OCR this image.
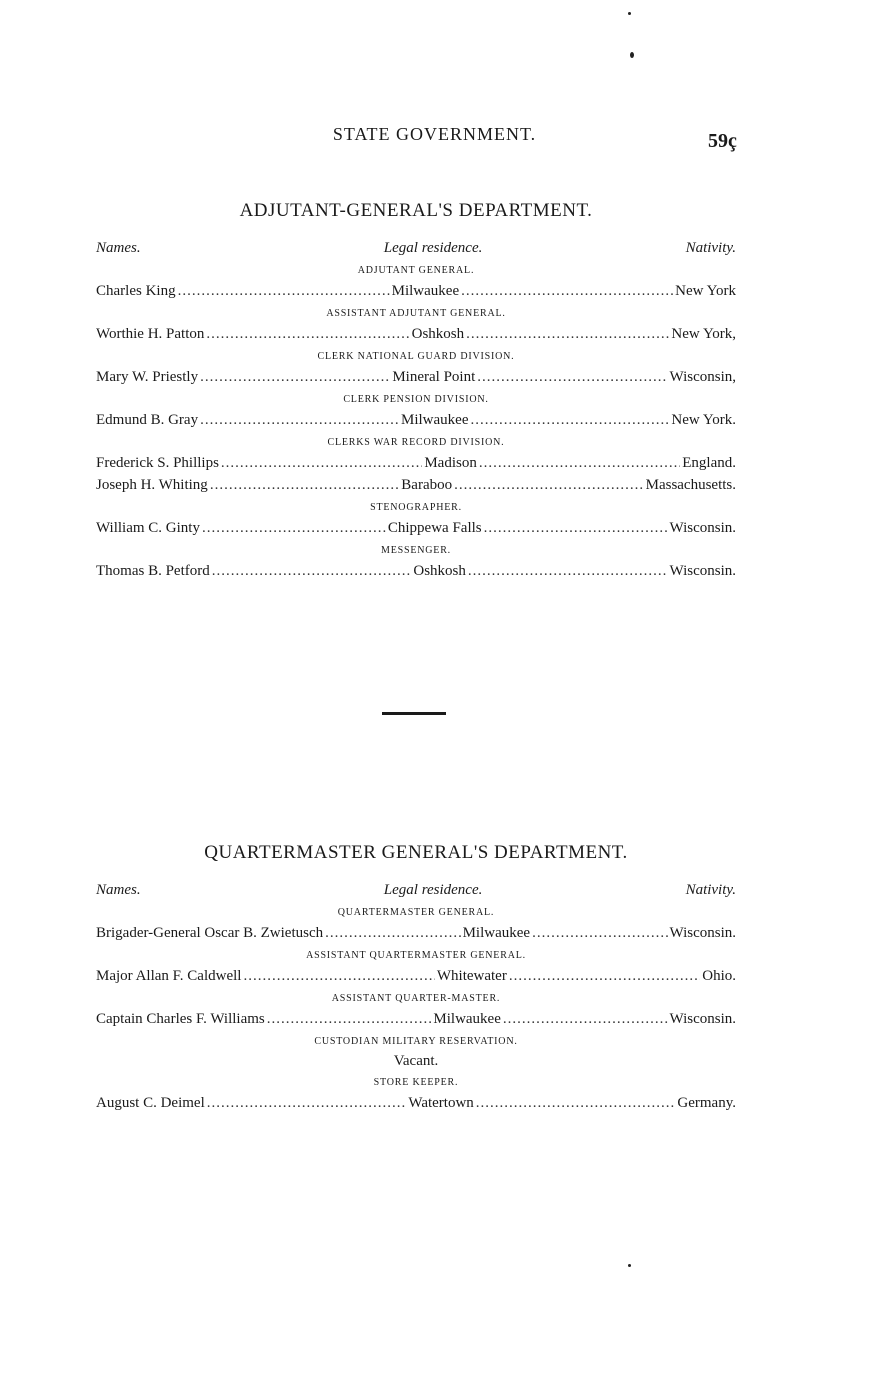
STATE GOVERNMENT.	59ç
ADJUTANT-GENERAL'S DEPARTMENT.
Names.	Legal residence.	Nativity.
ADJUTANT GENERAL.
Charles King .....	Milwaukee .....	New York
ASSISTANT ADJUTANT GENERAL.
Worthie H. Patton .....	Oshkosh .....	New York,
CLERK NATIONAL GUARD DIVISION.
Mary W. Priestly .....	Mineral Point .....	Wisconsin,
CLERK PENSION DIVISION.
Edmund B. Gray .....	Milwaukee .....	New York.
CLERKS WAR RECORD DIVISION.
Frederick S. Phillips .....	Madison .....	England.
Joseph H. Whiting .....	Baraboo .....	Massachusetts.
STENOGRAPHER.
William C. Ginty .....	Chippewa Falls .....	Wisconsin.
MESSENGER.
Thomas B. Petford .....	Oshkosh .....	Wisconsin.
QUARTERMASTER GENERAL'S DEPARTMENT.
Names.	Legal residence.	Nativity.
QUARTERMASTER GENERAL.
Brigader-General Oscar B. Zwietusch .....	Milwaukee .....	Wisconsin.
ASSISTANT QUARTERMASTER GENERAL.
Major Allan F. Caldwell .....	Whitewater .....	Ohio.
ASSISTANT QUARTER-MASTER.
Captain Charles F. Williams .....	Milwaukee .....	Wisconsin.
CUSTODIAN MILITARY RESERVATION.
Vacant.
STORE KEEPER.
August C. Deimel .....	Watertown .....	Germany.
